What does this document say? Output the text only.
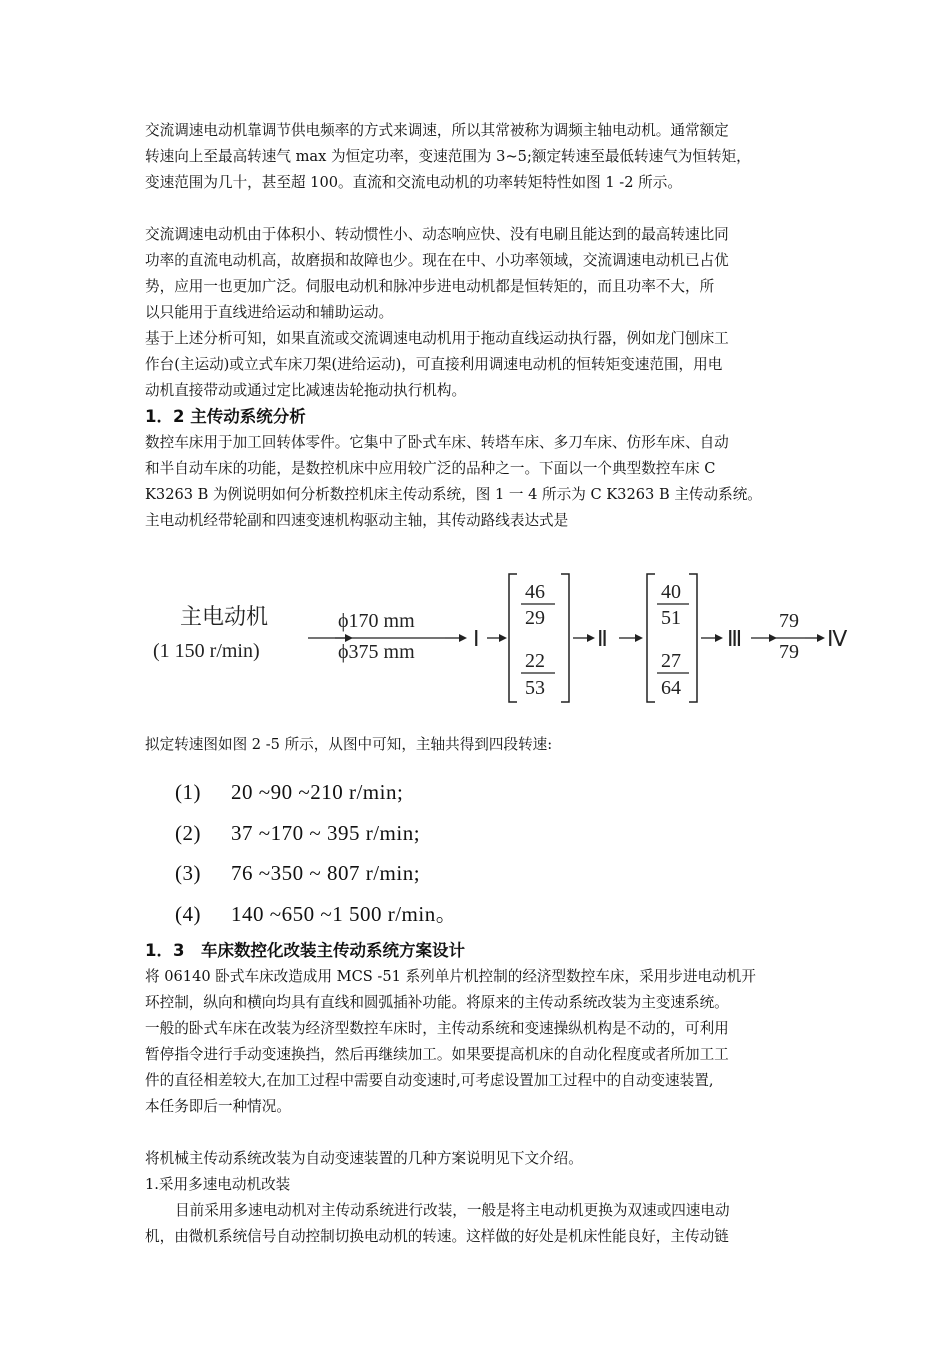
交流调速电动机靠调节供电频率的方式来调速，所以其常被称为调频主轴电动机。通常额定
转速向上至最高转速气 max 为恒定功率，变速范围为 3~5;额定转速至最低转速气为恒转矩，
变速范围为几十，甚至超 100。直流和交流电动机的功率转矩特性如图 1 -2 所示。

交流调速电动机由于体积小、转动惯性小、动态响应快、没有电刷且能达到的最高转速比同
功率的直流电动机高，故磨损和故障也少。现在在中、小功率领域，交流调速电动机已占优
势，应用一也更加广泛。伺服电动机和脉冲步进电动机都是恒转矩的，而且功率不大，所
以只能用于直线进给运动和辅助运动。

基于上述分析可知，如果直流或交流调速电动机用于拖动直线运动执行器，例如龙门刨床工
作台(主运动)或立式车床刀架(进给运动)，可直接利用调速电动机的恒转矩变速范围，用电
动机直接带动或通过定比减速齿轮拖动执行机构。

1．2 主传动系统分析

数控车床用于加工回转体零件。它集中了卧式车床、转塔车床、多刀车床、仿形车床、自动
和半自动车床的功能，是数控机床中应用较广泛的品种之一。下面以一个典型数控车床 C
K3263 B 为例说明如何分析数控机床主传动系统，图 1 一 4 所示为 C K3263 B 主传动系统。
主电动机经带轮副和四速变速机构驱动主轴，其传动路线表达式是

主电动机
(1 150 r/min)
ϕ170 mm
ϕ375 mm
Ⅰ
46
29
22
53
Ⅱ
40
51
27
64
Ⅲ
79
79
Ⅳ

拟定转速图如图 2 -5 所示，从图中可知，主轴共得到四段转速:

(1) 20 ~90 ~210 r/min;

(2) 37 ~170 ~ 395 r/min;

(3) 76 ~350 ~ 807 r/min;

(4) 140 ~650 ~1 500 r/min。

1．3　车床数控化改装主传动系统方案设计

将 06140 卧式车床改造成用 MCS -51 系列单片机控制的经济型数控车床，采用步进电动机开
环控制，纵向和横向均具有直线和圆弧插补功能。将原来的主传动系统改装为主变速系统。
一般的卧式车床在改装为经济型数控车床时，主传动系统和变速操纵机构是不动的，可利用
暂停指令进行手动变速换挡，然后再继续加工。如果要提高机床的自动化程度或者所加工工
件的直径相差较大,在加工过程中需要自动变速时,可考虑设置加工过程中的自动变速装置,
本任务即后一种情况。

将机械主传动系统改装为自动变速装置的几种方案说明见下文介绍。

1.采用多速电动机改装

目前采用多速电动机对主传动系统进行改装，一般是将主电动机更换为双速或四速电动
机，由微机系统信号自动控制切换电动机的转速。这样做的好处是机床性能良好，主传动链
